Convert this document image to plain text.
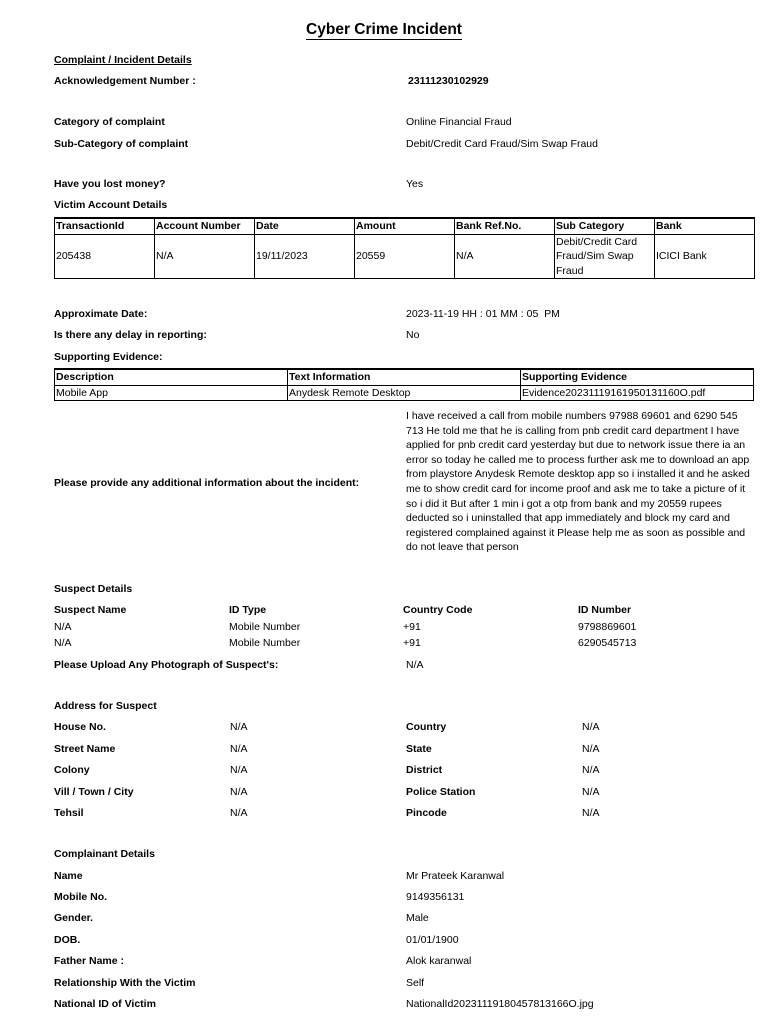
Cyber Crime Incident
Complaint / Incident Details
Acknowledgement Number :	23111230102929
Category of complaint	Online Financial Fraud
Sub-Category of complaint	Debit/Credit Card Fraud/Sim Swap Fraud
Have you lost money?	Yes
Victim Account Details
TransactionId	Account Number	Date	Amount	Bank Ref.No.	Sub Category	Bank
205438	N/A	19/11/2023	20559	N/A	Debit/Credit Card Fraud/Sim Swap Fraud	ICICI Bank
Approximate Date:	2023-11-19 HH : 01 MM : 05  PM
Is there any delay in reporting:	No
Supporting Evidence:
Description	Text Information	Supporting Evidence
Mobile App	Anydesk Remote Desktop	Evidence20231119161950131160O.pdf
Please provide any additional information about the incident:
I have received a call from mobile numbers 97988 69601 and 6290 545 713 He told me that he is calling from pnb credit card department I have applied for pnb credit card yesterday but due to network issue there ia an error so today he called me to process further ask me to download an app from playstore Anydesk Remote desktop app so i installed it and he asked me to show credit card for income proof and ask me to take a picture of it so i did it But after 1 min i got a otp from bank and my 20559 rupees deducted so i uninstalled that app immediately and block my card and registered complained against it Please help me as soon as possible and do not leave that person
Suspect Details
Suspect Name	ID Type	Country Code	ID Number
N/A	Mobile Number	+91	9798869601
N/A	Mobile Number	+91	6290545713
Please Upload Any Photograph of Suspect's:	N/A
Address for Suspect
House No.	N/A	Country	N/A
Street Name	N/A	State	N/A
Colony	N/A	District	N/A
Vill / Town / City	N/A	Police Station	N/A
Tehsil	N/A	Pincode	N/A
Complainant Details
Name	Mr Prateek Karanwal
Mobile No.	9149356131
Gender.	Male
DOB.	01/01/1900
Father Name :	Alok karanwal
Relationship With the Victim	Self
National ID of Victim	NationalId20231119180457813166O.jpg
